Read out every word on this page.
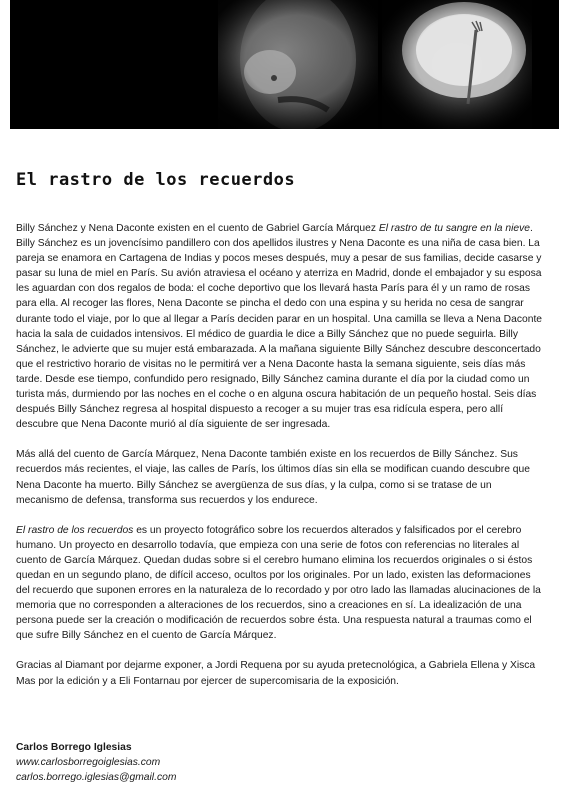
El rastro de los recuerdos

Billy Sánchez y Nena Daconte existen en el cuento de Gabriel García Márquez El rastro de tu sangre en la nieve. Billy Sánchez es un jovencísimo pandillero con dos apellidos ilustres y Nena Daconte es una niña de casa bien. La pareja se enamora en Cartagena de Indias y pocos meses después, muy a pesar de sus familias, decide casarse y pasar su luna de miel en París. Su avión atraviesa el océano y aterriza en Madrid, donde el embajador y su esposa les aguardan con dos regalos de boda: el coche deportivo que los llevará hasta París para él y un ramo de rosas para ella. Al recoger las flores, Nena Daconte se pincha el dedo con una espina y su herida no cesa de sangrar durante todo el viaje, por lo que al llegar a París deciden parar en un hospital. Una camilla se lleva a Nena Daconte hacia la sala de cuidados intensivos. El médico de guardia le dice a Billy Sánchez que no puede seguirla. Billy Sánchez, le advierte que su mujer está embarazada. A la mañana siguiente Billy Sánchez descubre desconcertado que el restrictivo horario de visitas no le permitirá ver a Nena Daconte hasta la semana siguiente, seis días más tarde. Desde ese tiempo, confundido pero resignado, Billy Sánchez camina durante el día por la ciudad como un turista más, durmiendo por las noches en el coche o en alguna oscura habitación de un pequeño hostal. Seis días después Billy Sánchez regresa al hospital dispuesto a recoger a su mujer tras esa ridícula espera, pero allí descubre que Nena Daconte murió al día siguiente de ser ingresada.

Más allá del cuento de García Márquez, Nena Daconte también existe en los recuerdos de Billy Sánchez. Sus recuerdos más recientes, el viaje, las calles de París, los últimos días sin ella se modifican cuando descubre que Nena Daconte ha muerto. Billy Sánchez se avergüenza de sus días, y la culpa, como si se tratase de un mecanismo de defensa, transforma sus recuerdos y los endurece.

El rastro de los recuerdos es un proyecto fotográfico sobre los recuerdos alterados y falsificados por el cerebro humano. Un proyecto en desarrollo todavía, que empieza con una serie de fotos con referencias no literales al cuento de García Márquez. Quedan dudas sobre si el cerebro humano elimina los recuerdos originales o si éstos quedan en un segundo plano, de difícil acceso, ocultos por los originales. Por un lado, existen las deformaciones del recuerdo que suponen errores en la naturaleza de lo recordado y por otro lado las llamadas alucinaciones de la memoria que no corresponden a alteraciones de los recuerdos, sino a creaciones en sí. La idealización de una persona puede ser la creación o modificación de recuerdos sobre ésta. Una respuesta natural a traumas como el que sufre Billy Sánchez en el cuento de García Márquez.

Gracias al Diamant por dejarme exponer, a Jordi Requena por su ayuda pretecnológica, a Gabriela Ellena y Xisca Mas por la edición y a Eli Fontarnau por ejercer de supercomisaria de la exposición.

Carlos Borrego Iglesias
www.carlosborregoiglesias.com
carlos.borrego.iglesias@gmail.com
